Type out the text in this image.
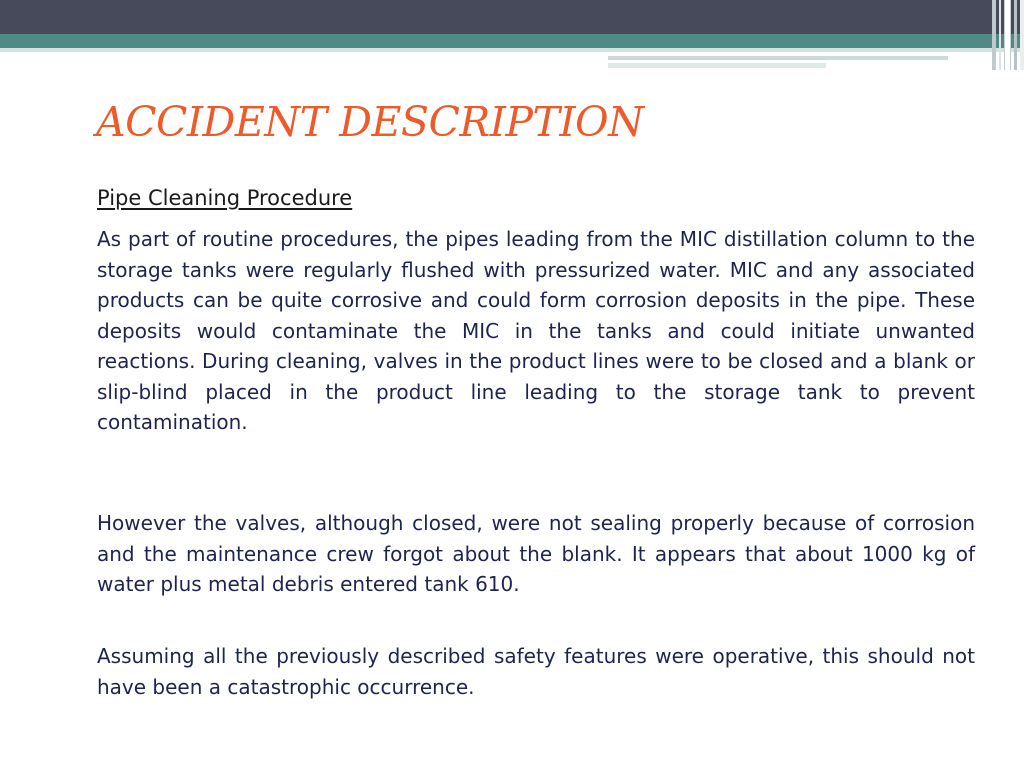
ACCIDENT DESCRIPTION
Pipe Cleaning Procedure

As part of routine procedures, the pipes leading from the MIC distillation column to the storage tanks were regularly flushed with pressurized water. MIC and any associated products can be quite corrosive and could form corrosion deposits in the pipe. These deposits would contaminate the MIC in the tanks and could initiate unwanted reactions. During cleaning, valves in the product lines were to be closed and a blank or slip-blind placed in the product line leading to the storage tank to prevent contamination.

However the valves, although closed, were not sealing properly because of corrosion and the maintenance crew forgot about the blank. It appears that about 1000 kg of water plus metal debris entered tank 610.

Assuming all the previously described safety features were operative, this should not have been a catastrophic occurrence.
